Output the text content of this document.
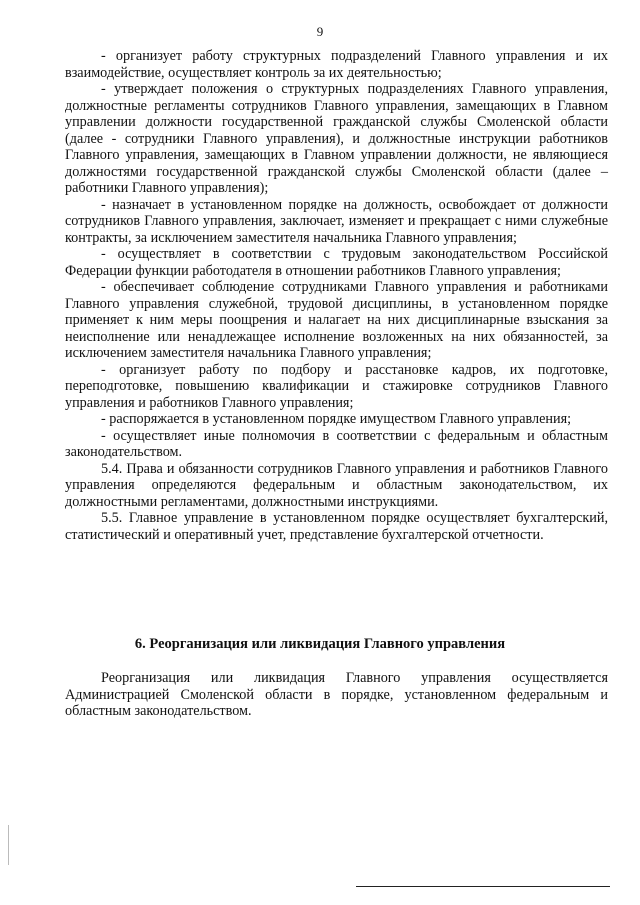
9

- организует работу структурных подразделений Главного управления и их взаимодействие, осуществляет контроль за их деятельностью;

- утверждает положения о структурных подразделениях Главного управления, должностные регламенты сотрудников Главного управления, замещающих в Главном управлении должности государственной гражданской службы Смоленской области (далее - сотрудники Главного управления), и должностные инструкции работников Главного управления, замещающих в Главном управлении должности, не являющиеся должностями государственной гражданской службы Смоленской области (далее – работники Главного управления);

- назначает в установленном порядке на должность, освобождает от должности сотрудников Главного управления, заключает, изменяет и прекращает с ними служебные контракты, за исключением заместителя начальника Главного управления;

- осуществляет в соответствии с трудовым законодательством Российской Федерации функции работодателя в отношении работников Главного управления;

- обеспечивает соблюдение сотрудниками Главного управления и работниками Главного управления служебной, трудовой дисциплины, в установленном порядке применяет к ним меры поощрения и налагает на них дисциплинарные взыскания за неисполнение или ненадлежащее исполнение возложенных на них обязанностей, за исключением заместителя начальника Главного управления;

- организует работу по подбору и расстановке кадров, их подготовке, переподготовке, повышению квалификации и стажировке сотрудников Главного управления и работников Главного управления;

- распоряжается в установленном порядке имуществом Главного управления;

- осуществляет иные полномочия в соответствии с федеральным и областным законодательством.

5.4. Права и обязанности сотрудников Главного управления и работников Главного управления определяются федеральным и областным законодательством, их должностными регламентами, должностными инструкциями.

5.5. Главное управление в установленном порядке осуществляет бухгалтерский, статистический и оперативный учет, представление бухгалтерской отчетности.

6. Реорганизация или ликвидация Главного управления

Реорганизация или ликвидация Главного управления осуществляется Администрацией Смоленской области в порядке, установленном федеральным и областным законодательством.
